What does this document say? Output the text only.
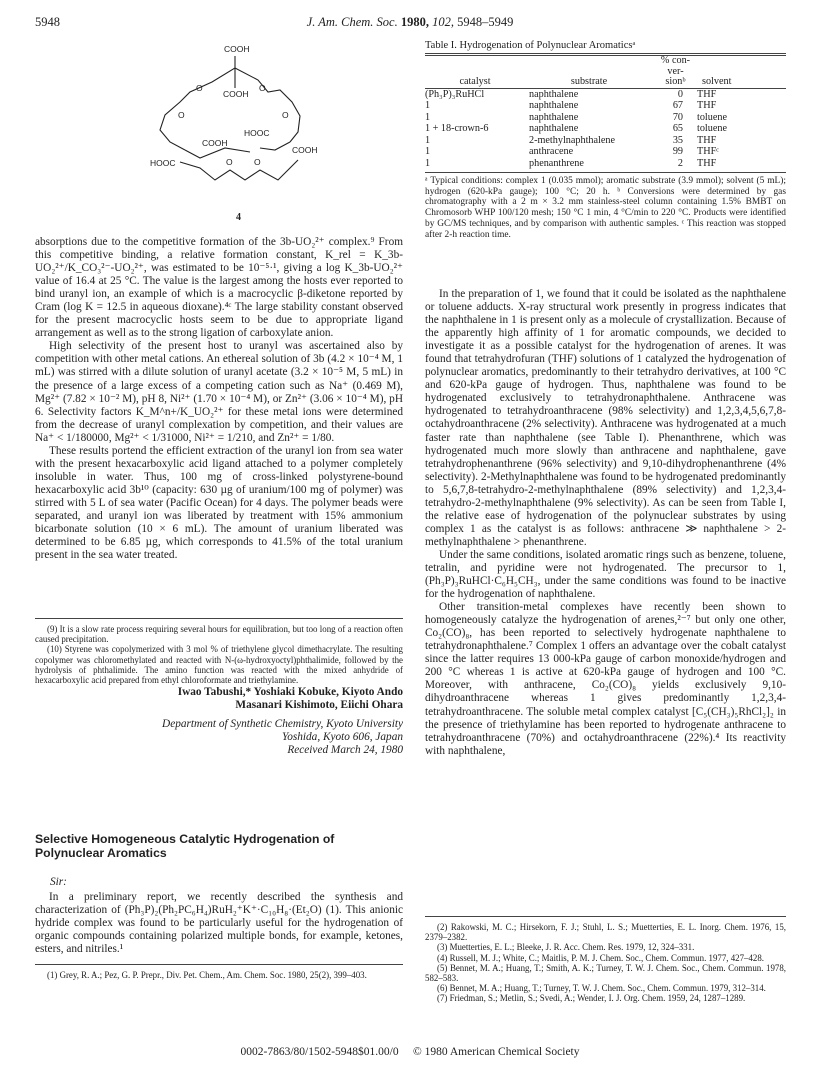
5948	J. Am. Chem. Soc. 1980, 102, 5948–5949
COOH
O	O
COOH
O	O
HOOC
COOH
COOH
HOOC	O	O
4

absorptions due to the competitive formation of the 3b-UO₂²⁺ complex.⁹ From this competitive binding, a relative formation constant, K_rel = K_3b-UO₂²⁺/K_CO₃²⁻-UO₂²⁺, was estimated to be 10⁻⁵·¹, giving a log K_3b-UO₂²⁺ value of 16.4 at 25 °C. The value is the largest among the hosts ever reported to bind uranyl ion, an example of which is a macrocyclic β-diketone reported by Cram (log K = 12.5 in aqueous dioxane).⁴ᶜ The large stability constant observed for the present macrocyclic hosts seem to be due to appropriate ligand arrangement as well as to the strong ligation of carboxylate anion.

High selectivity of the present host to uranyl was ascertained also by competition with other metal cations. An ethereal solution of 3b (4.2 × 10⁻⁴ M, 1 mL) was stirred with a dilute solution of uranyl acetate (3.2 × 10⁻⁵ M, 5 mL) in the presence of a large excess of a competing cation such as Na⁺ (0.469 M), Mg²⁺ (7.82 × 10⁻² M), pH 8, Ni²⁺ (1.70 × 10⁻⁴ M), or Zn²⁺ (3.06 × 10⁻⁴ M), pH 6. Selectivity factors K_M^n+/K_UO₂²⁺ for these metal ions were determined from the decrease of uranyl complexation by competition, and their values are Na⁺ < 1/180000, Mg²⁺ < 1/31000, Ni²⁺ = 1/210, and Zn²⁺ = 1/80.

These results portend the efficient extraction of the uranyl ion from sea water with the present hexacarboxylic acid ligand attached to a polymer completely insoluble in water. Thus, 100 mg of cross-linked polystyrene-bound hexacarboxylic acid 3b¹⁰ (capacity: 630 µg of uranium/100 mg of polymer) was stirred with 5 L of sea water (Pacific Ocean) for 4 days. The polymer beads were separated, and uranyl ion was liberated by treatment with 15% ammonium bicarbonate solution (10 × 6 mL). The amount of uranium liberated was determined to be 6.85 µg, which corresponds to 41.5% of the total uranium present in the sea water treated.

(9) It is a slow rate process requiring several hours for equilibration, but too long of a reaction often caused precipitation.

(10) Styrene was copolymerized with 3 mol % of triethylene glycol dimethacrylate. The resulting copolymer was chloromethylated and reacted with N-(ω-hydroxyoctyl)phthalimide, followed by the hydrolysis of phthalimide. The amino function was reacted with the mixed anhydride of hexacarboxylic acid prepared from ethyl chloroformate and triethylamine.

Iwao Tabushi,* Yoshiaki Kobuke, Kiyoto Ando
Masanari Kishimoto, Eiichi Ohara
Department of Synthetic Chemistry, Kyoto University
Yoshida, Kyoto 606, Japan
Received March 24, 1980
Selective Homogeneous Catalytic Hydrogenation of Polynuclear Aromatics
Sir:

In a preliminary report, we recently described the synthesis and characterization of (Ph₃P)₂(Ph₂PC₆H₄)RuH₂⁺K⁺·C₁₀H₈·(Et₂O) (1). This anionic hydride complex was found to be particularly useful for the hydrogenation of organic compounds containing polarized multiple bonds, for example, ketones, esters, and nitriles.¹

(1) Grey, R. A.; Pez, G. P. Prepr., Div. Pet. Chem., Am. Chem. Soc. 1980, 25(2), 399–403.

Table I. Hydrogenation of Polynuclear Aromaticsᵃ
catalyst	substrate	
% con-
ver-
sionᵇ	solvent
(Ph₃P)₃RuHCl	naphthalene	0	THF
1	naphthalene	67	THF
1	naphthalene	70	toluene
1 + 18-crown-6	naphthalene	65	toluene
1	2-methylnaphthalene	35	THF
1	anthracene	99	THFᶜ
1	phenanthrene	2	THF
ᵃ Typical conditions: complex 1 (0.035 mmol); aromatic substrate (3.9 mmol); solvent (5 mL); hydrogen (620-kPa gauge); 100 °C; 20 h. ᵇ Conversions were determined by gas chromatography with a 2 m × 3.2 mm stainless-steel column containing 1.5% BMBT on Chromosorb WHP 100/120 mesh; 150 °C 1 min, 4 °C/min to 220 °C. Products were identified by GC/MS techniques, and by comparison with authentic samples. ᶜ This reaction was stopped after 2-h reaction time.

In the preparation of 1, we found that it could be isolated as the naphthalene or toluene adducts. X-ray structural work presently in progress indicates that the naphthalene in 1 is present only as a molecule of crystallization. Because of the apparently high affinity of 1 for aromatic compounds, we decided to investigate it as a possible catalyst for the hydrogenation of arenes. It was found that tetrahydrofuran (THF) solutions of 1 catalyzed the hydrogenation of polynuclear aromatics, predominantly to their tetrahydro derivatives, at 100 °C and 620-kPa gauge of hydrogen. Thus, naphthalene was found to be hydrogenated exclusively to tetrahydronaphthalene. Anthracene was hydrogenated to tetrahydroanthracene (98% selectivity) and 1,2,3,4,5,6,7,8-octahydroanthracene (2% selectivity). Anthracene was hydrogenated at a much faster rate than naphthalene (see Table I). Phenanthrene, which was hydrogenated much more slowly than anthracene and naphthalene, gave tetrahydrophenanthrene (96% selectivity) and 9,10-dihydrophenanthrene (4% selectivity). 2-Methylnaphthalene was found to be hydrogenated predominantly to 5,6,7,8-tetrahydro-2-methylnaphthalene (89% selectivity) and 1,2,3,4-tetrahydro-2-methylnaphthalene (9% selectivity). As can be seen from Table I, the relative ease of hydrogenation of the polynuclear substrates by using complex 1 as the catalyst is as follows: anthracene ≫ naphthalene > 2-methylnaphthalene > phenanthrene.

Under the same conditions, isolated aromatic rings such as benzene, toluene, tetralin, and pyridine were not hydrogenated. The precursor to 1, (Ph₃P)₃RuHCl·C₆H₅CH₃, under the same conditions was found to be inactive for the hydrogenation of naphthalene.

Other transition-metal complexes have recently been shown to homogeneously catalyze the hydrogenation of arenes,²⁻⁷ but only one other, Co₂(CO)₈, has been reported to selectively hydrogenate naphthalene to tetrahydronaphthalene.⁷ Complex 1 offers an advantage over the cobalt catalyst since the latter requires 13 000-kPa gauge of carbon monoxide/hydrogen and 200 °C whereas 1 is active at 620-kPa gauge of hydrogen and 100 °C. Moreover, with anthracene, Co₂(CO)₈ yields exclusively 9,10-dihydroanthracene whereas 1 gives predominantly 1,2,3,4-tetrahydroanthracene. The soluble metal complex catalyst [C₅(CH₃)₅RhCl₂]₂ in the presence of triethylamine has been reported to hydrogenate anthracene to tetrahydroanthracene (70%) and octahydroanthracene (22%).⁴ Its reactivity with naphthalene,

(2) Rakowski, M. C.; Hirsekorn, F. J.; Stuhl, L. S.; Muetterties, E. L. Inorg. Chem. 1976, 15, 2379–2382.

(3) Muetterties, E. L.; Bleeke, J. R. Acc. Chem. Res. 1979, 12, 324–331.

(4) Russell, M. J.; White, C.; Maitlis, P. M. J. Chem. Soc., Chem. Commun. 1977, 427–428.

(5) Bennet, M. A.; Huang, T.; Smith, A. K.; Turney, T. W. J. Chem. Soc., Chem. Commun. 1978, 582–583.

(6) Bennet, M. A.; Huang, T.; Turney, T. W. J. Chem. Soc., Chem. Commun. 1979, 312–314.

(7) Friedman, S.; Metlin, S.; Svedi, A.; Wender, I. J. Org. Chem. 1959, 24, 1287–1289.

0002-7863/80/1502-5948$01.00/0 © 1980 American Chemical Society
